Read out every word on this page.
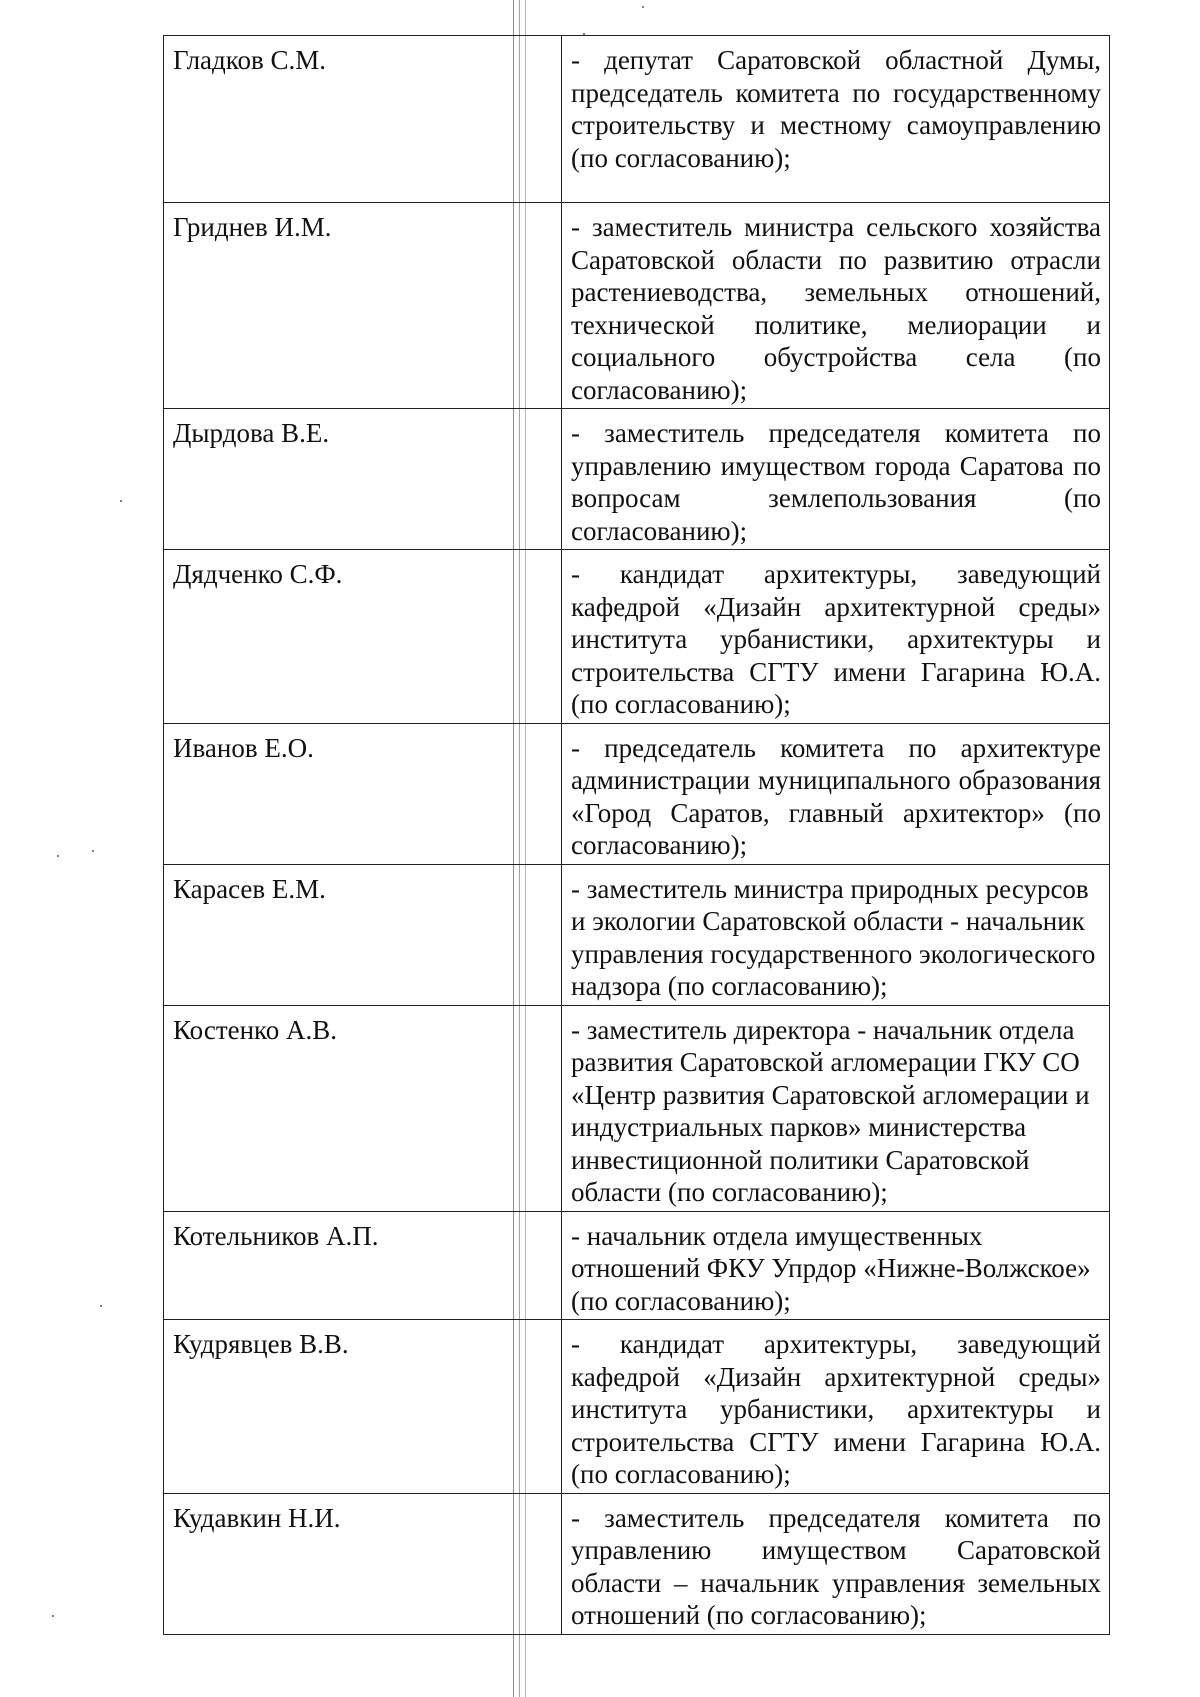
Гладков С.М.		- депутат Саратовской областной Думы, председатель комитета по государственному строительству и местному самоуправлению (по согласованию);
Гриднев И.М.		- заместитель министра сельского хозяйства Саратовской области по развитию отрасли растениеводства, земельных отношений, технической политике, мелиорации и социального обустройства села (по согласованию);
Дырдова В.Е.		- заместитель председателя комитета по управлению имуществом города Саратова по вопросам землепользования (по согласованию);
Дядченко С.Ф.		- кандидат архитектуры, заведующий кафедрой «Дизайн архитектурной среды» института урбанистики, архитектуры и строительства СГТУ имени Гагарина Ю.А. (по согласованию);
Иванов Е.О.		- председатель комитета по архитектуре администрации муниципального образования «Город Саратов, главный архитектор» (по согласованию);
Карасев Е.М.		- заместитель министра природных ресурсов и экологии Саратовской области - начальник управления государственного экологического надзора (по согласованию);
Костенко А.В.		- заместитель директора - начальник отдела развития Саратовской агломерации ГКУ СО «Центр развития Саратовской агломерации и индустриальных парков» министерства инвестиционной политики Саратовской области (по согласованию);
Котельников А.П.		- начальник отдела имущественных отношений ФКУ Упрдор «Нижне-Волжское» (по согласованию);
Кудрявцев В.В.		- кандидат архитектуры, заведующий кафедрой «Дизайн архитектурной среды» института урбанистики, архитектуры и строительства СГТУ имени Гагарина Ю.А. (по согласованию);
Кудавкин Н.И.		- заместитель председателя комитета по управлению имуществом Саратовской области – начальник управления земельных отношений (по согласованию);
